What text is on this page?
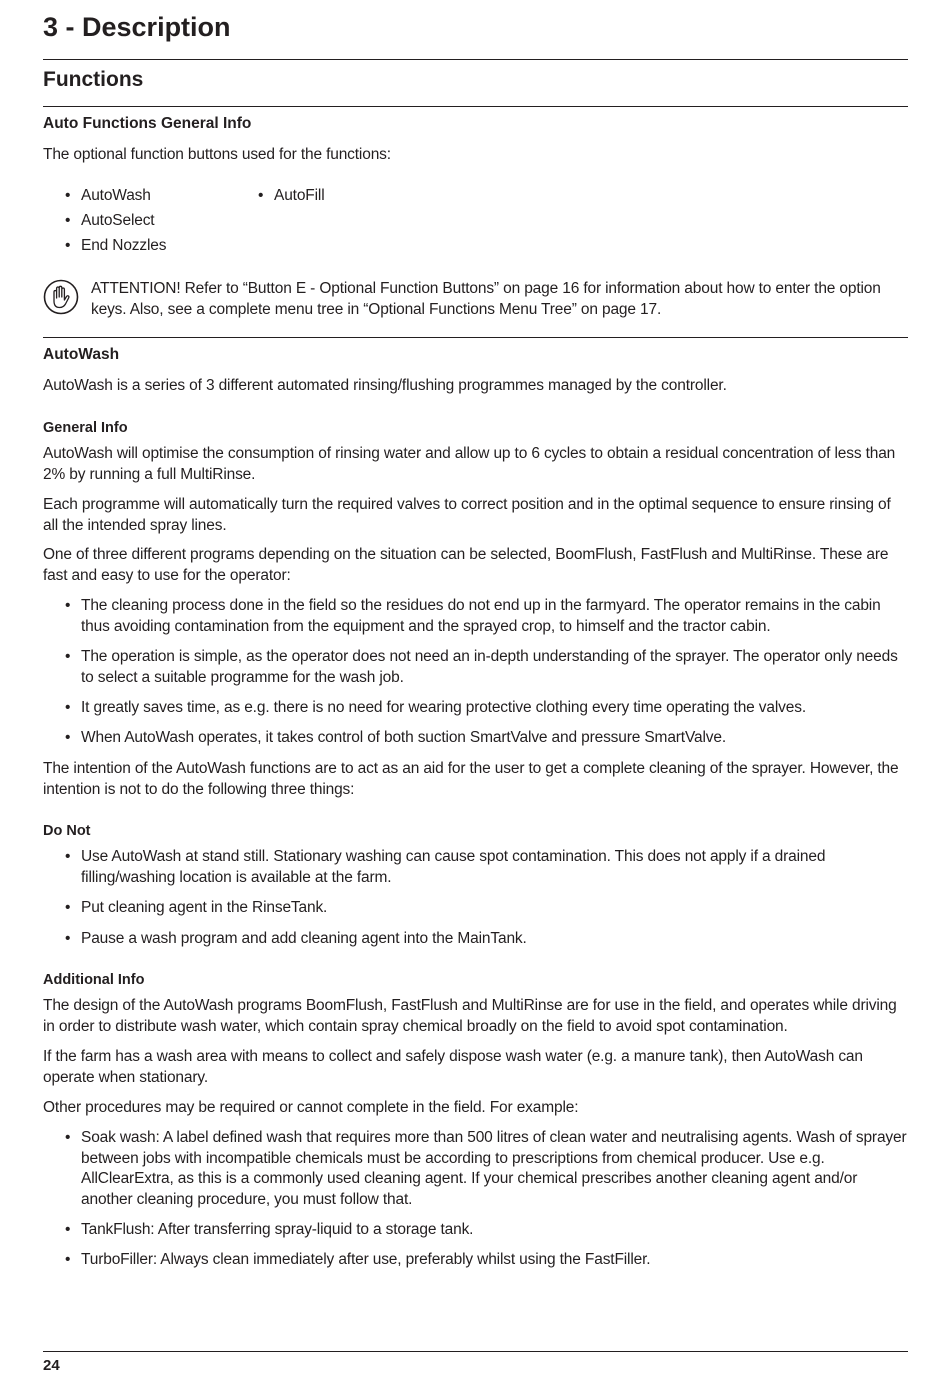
3 - Description
Functions
Auto Functions General Info

The optional function buttons used for the functions:

• AutoWash
• AutoSelect
• End Nozzles
• AutoFill
ATTENTION! Refer to “Button E - Optional Function Buttons” on page 16 for information about how to enter the option keys. Also, see a complete menu tree in “Optional Functions Menu Tree” on page 17.
AutoWash

AutoWash is a series of 3 different automated rinsing/flushing programmes managed by the controller.

General Info

AutoWash will optimise the consumption of rinsing water and allow up to 6 cycles to obtain a residual concentration of less than 2% by running a full MultiRinse.

Each programme will automatically turn the required valves to correct position and in the optimal sequence to ensure rinsing of all the intended spray lines.

One of three different programs depending on the situation can be selected, BoomFlush, FastFlush and MultiRinse. These are fast and easy to use for the operator:

• The cleaning process done in the field so the residues do not end up in the farmyard. The operator remains in the cabin thus avoiding contamination from the equipment and the sprayed crop, to himself and the tractor cabin.
• The operation is simple, as the operator does not need an in-depth understanding of the sprayer. The operator only needs to select a suitable programme for the wash job.
• It greatly saves time, as e.g. there is no need for wearing protective clothing every time operating the valves.
• When AutoWash operates, it takes control of both suction SmartValve and pressure SmartValve.

The intention of the AutoWash functions are to act as an aid for the user to get a complete cleaning of the sprayer. However, the intention is not to do the following three things:

Do Not
• Use AutoWash at stand still. Stationary washing can cause spot contamination. This does not apply if a drained filling/washing location is available at the farm.
• Put cleaning agent in the RinseTank.
• Pause a wash program and add cleaning agent into the MainTank.
Additional Info

The design of the AutoWash programs BoomFlush, FastFlush and MultiRinse are for use in the field, and operates while driving in order to distribute wash water, which contain spray chemical broadly on the field to avoid spot contamination.

If the farm has a wash area with means to collect and safely dispose wash water (e.g. a manure tank), then AutoWash can operate when stationary.

Other procedures may be required or cannot complete in the field. For example:

• Soak wash: A label defined wash that requires more than 500 litres of clean water and neutralising agents. Wash of sprayer between jobs with incompatible chemicals must be according to prescriptions from chemical producer. Use e.g. AllClearExtra, as this is a commonly used cleaning agent. If your chemical prescribes another cleaning agent and/or another cleaning procedure, you must follow that.
• TankFlush: After transferring spray-liquid to a storage tank.
• TurboFiller: Always clean immediately after use, preferably whilst using the FastFiller.
24
